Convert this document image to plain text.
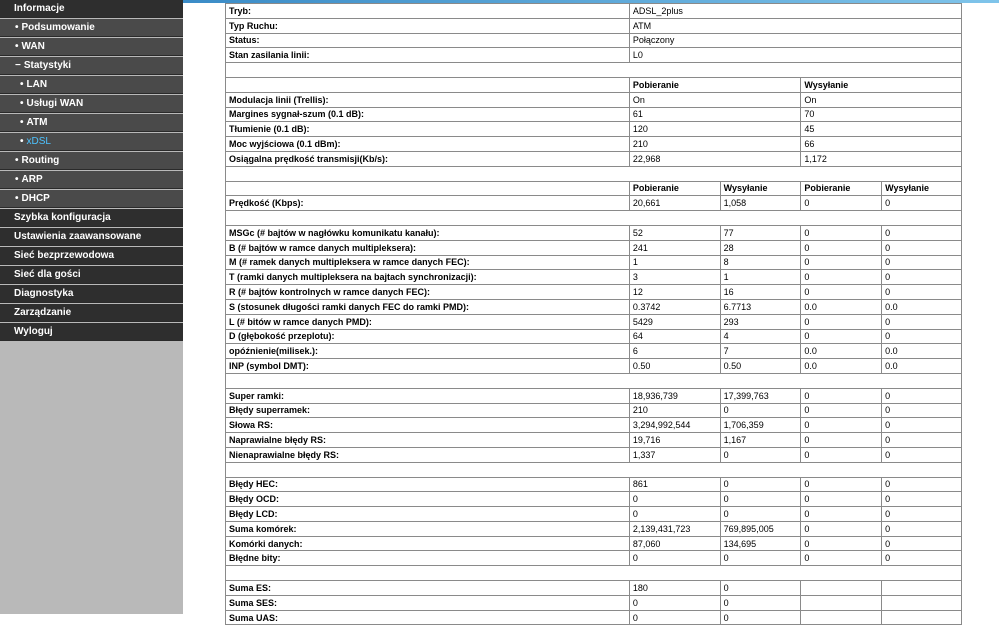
Informacje
• Podsumowanie
• WAN
− Statystyki
• LAN
• Usługi WAN
• ATM
• xDSL
• Routing
• ARP
• DHCP
Szybka konfiguracja
Ustawienia zaawansowane
Sieć bezprzewodowa
Sieć dla gości
Diagnostyka
Zarządzanie
Wyloguj
Tryb:	ADSL_2plus			
Typ Ruchu:	ATM			
Status:	Połączony			
Stan zasilania linii:	L0			

	Pobieranie		Wysyłanie	
Modulacja linii (Trellis):	On		On	
Margines sygnał-szum (0.1 dB):	61		70	
Tłumienie (0.1 dB):	120		45	
Moc wyjściowa (0.1 dBm):	210		66	
Osiągalna prędkość transmisji(Kb/s):	22,968		1,172	

	Pobieranie	Wysyłanie	Pobieranie	Wysyłanie
Prędkość (Kbps):	20,661	1,058	0	0

MSGc (# bajtów w nagłówku komunikatu kanału):	52	77	0	0
B (# bajtów w ramce danych multipleksera):	241	28	0	0
M (# ramek danych multipleksera w ramce danych FEC):	1	8	0	0
T (ramki danych multipleksera na bajtach synchronizacji):	3	1	0	0
R (# bajtów kontrolnych w ramce danych FEC):	12	16	0	0
S (stosunek długości ramki danych FEC do ramki PMD):	0.3742	6.7713	0.0	0.0
L (# bitów w ramce danych PMD):	5429	293	0	0
D (głębokość przeplotu):	64	4	0	0
opóźnienie(milisek.):	6	7	0.0	0.0
INP (symbol DMT):	0.50	0.50	0.0	0.0

Super ramki:	18,936,739	17,399,763	0	0
Błędy superramek:	210	0	0	0
Słowa RS:	3,294,992,544	1,706,359	0	0
Naprawialne błędy RS:	19,716	1,167	0	0
Nienaprawialne błędy RS:	1,337	0	0	0

Błędy HEC:	861	0	0	0
Błędy OCD:	0	0	0	0
Błędy LCD:	0	0	0	0
Suma komórek:	2,139,431,723	769,895,005	0	0
Komórki danych:	87,060	134,695	0	0
Błędne bity:	0	0	0	0

Suma ES:	180	0		
Suma SES:	0	0		
Suma UAS:	0	0		
